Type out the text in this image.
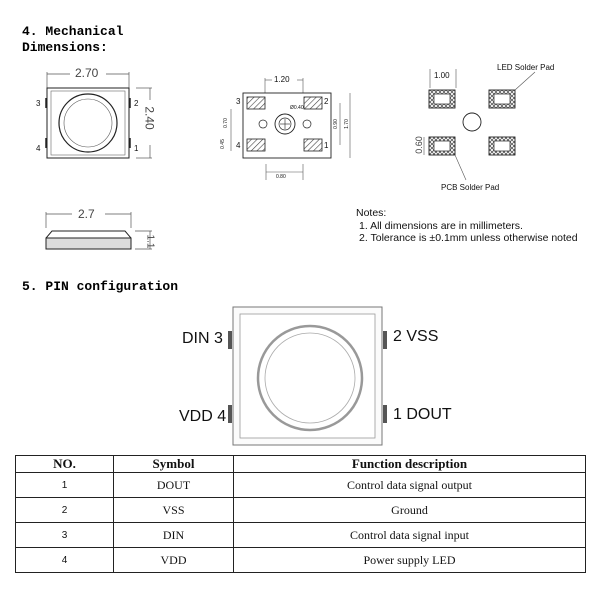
4. Mechanical
Dimensions:
2.70
2.40
3	2
4	1
2.7
1.1
1.20
0.80
Ø0.40
0.70
0.45
0.90 1.70
3	2
4	1
1.00
0.60
LED Solder Pad
PCB Solder Pad
Notes:
1. All dimensions are in millimeters.
2. Tolerance is ±0.1mm unless otherwise noted
5. PIN configuration
DIN 3	2 VSS
VDD 4	1 DOUT
NO.	Symbol	Function description
1	DOUT	Control data signal output
2	VSS	Ground
3	DIN	Control data signal input
4	VDD	Power supply LED
